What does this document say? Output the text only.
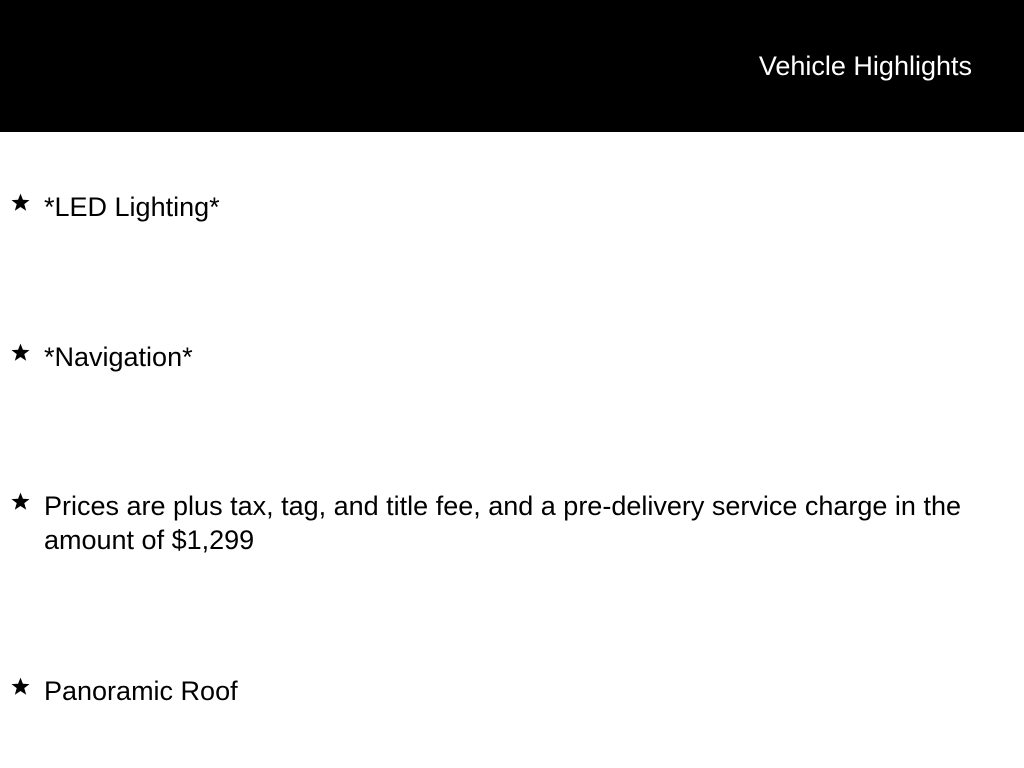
Vehicle Highlights
*LED Lighting*
*Navigation*
Prices are plus tax, tag, and title fee, and a pre-delivery service charge in the amount of $1,299
Panoramic Roof
